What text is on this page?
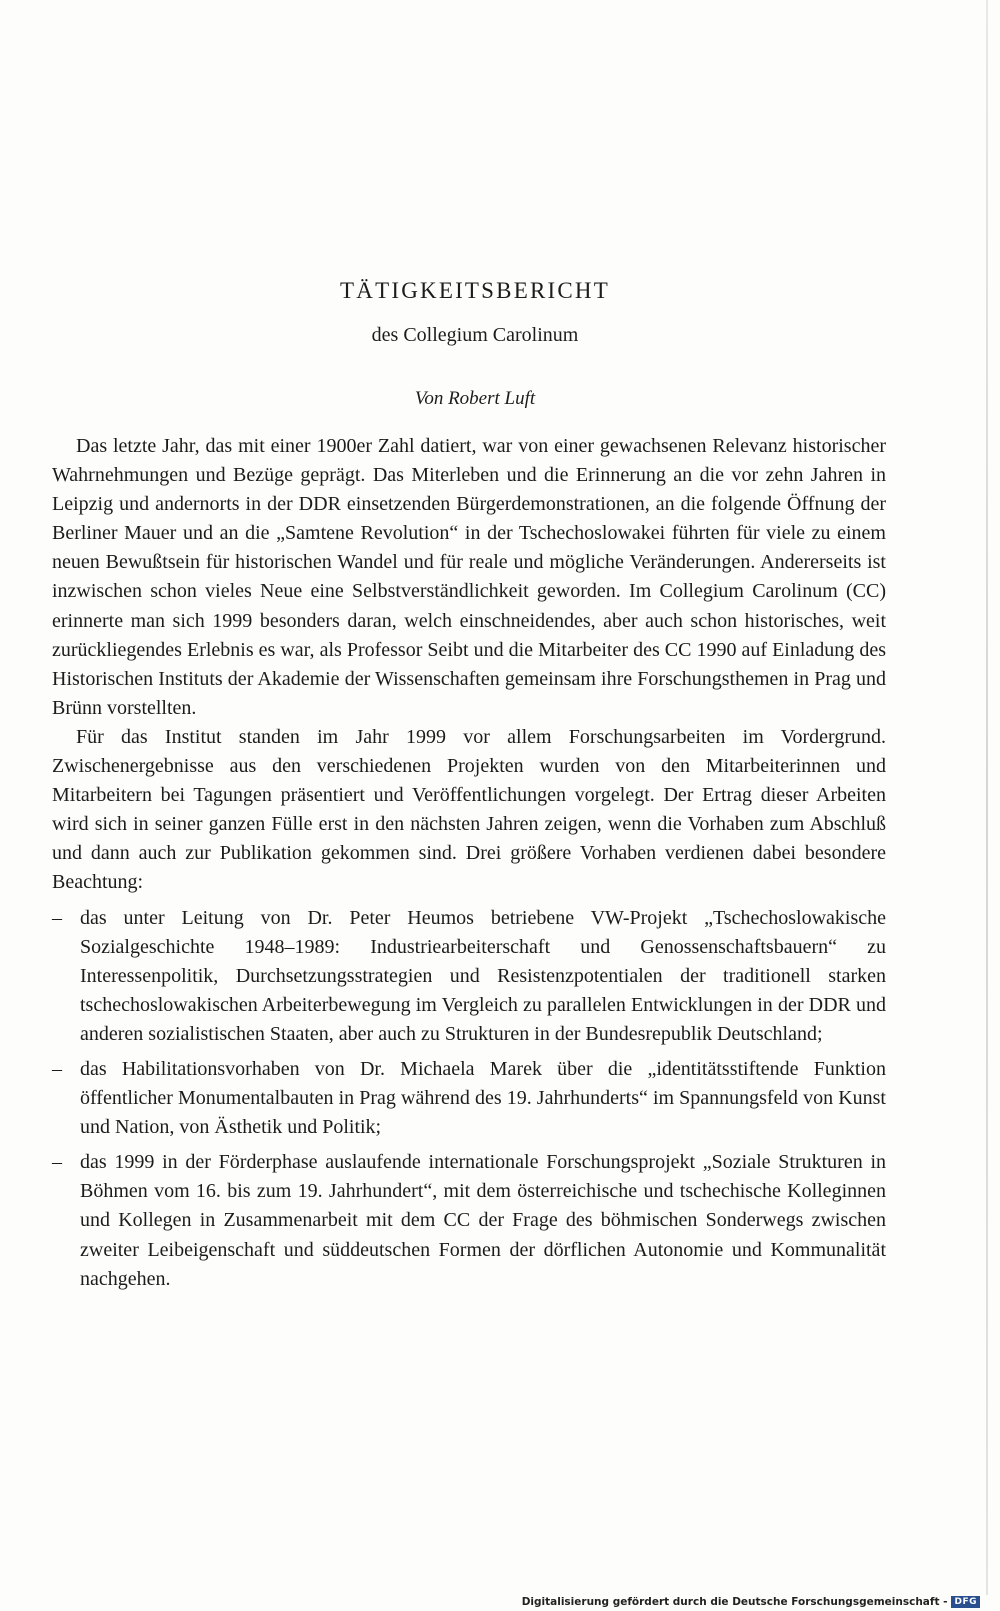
TÄTIGKEITSBERICHT
des Collegium Carolinum

Von Robert Luft

Das letzte Jahr, das mit einer 1900er Zahl datiert, war von einer gewachsenen Relevanz historischer Wahrnehmungen und Bezüge geprägt. Das Miterleben und die Erinnerung an die vor zehn Jahren in Leipzig und andernorts in der DDR einsetzenden Bürgerdemonstrationen, an die folgende Öffnung der Berliner Mauer und an die „Samtene Revolution“ in der Tschechoslowakei führten für viele zu einem neuen Bewußtsein für historischen Wandel und für reale und mögliche Veränderungen. Andererseits ist inzwischen schon vieles Neue eine Selbstverständlichkeit geworden. Im Collegium Carolinum (CC) erinnerte man sich 1999 besonders daran, welch einschneidendes, aber auch schon historisches, weit zurückliegendes Erlebnis es war, als Professor Seibt und die Mitarbeiter des CC 1990 auf Einladung des Historischen Instituts der Akademie der Wissenschaften gemeinsam ihre Forschungsthemen in Prag und Brünn vorstellten.

Für das Institut standen im Jahr 1999 vor allem Forschungsarbeiten im Vordergrund. Zwischenergebnisse aus den verschiedenen Projekten wurden von den Mitarbeiterinnen und Mitarbeitern bei Tagungen präsentiert und Veröffentlichungen vorgelegt. Der Ertrag dieser Arbeiten wird sich in seiner ganzen Fülle erst in den nächsten Jahren zeigen, wenn die Vorhaben zum Abschluß und dann auch zur Publikation gekommen sind. Drei größere Vorhaben verdienen dabei besondere Beachtung:

– das unter Leitung von Dr. Peter Heumos betriebene VW-Projekt „Tschechoslowakische Sozialgeschichte 1948–1989: Industriearbeiterschaft und Genossenschaftsbauern“ zu Interessenpolitik, Durchsetzungsstrategien und Resistenzpotentialen der traditionell starken tschechoslowakischen Arbeiterbewegung im Vergleich zu parallelen Entwicklungen in der DDR und anderen sozialistischen Staaten, aber auch zu Strukturen in der Bundesrepublik Deutschland;
– das Habilitationsvorhaben von Dr. Michaela Marek über die „identitätsstiftende Funktion öffentlicher Monumentalbauten in Prag während des 19. Jahrhunderts“ im Spannungsfeld von Kunst und Nation, von Ästhetik und Politik;
– das 1999 in der Förderphase auslaufende internationale Forschungsprojekt „Soziale Strukturen in Böhmen vom 16. bis zum 19. Jahrhundert“, mit dem österreichische und tschechische Kolleginnen und Kollegen in Zusammenarbeit mit dem CC der Frage des böhmischen Sonderwegs zwischen zweiter Leibeigenschaft und süddeutschen Formen der dörflichen Autonomie und Kommunalität nachgehen.
Digitalisierung gefördert durch die Deutsche Forschungsgemeinschaft - DFG
